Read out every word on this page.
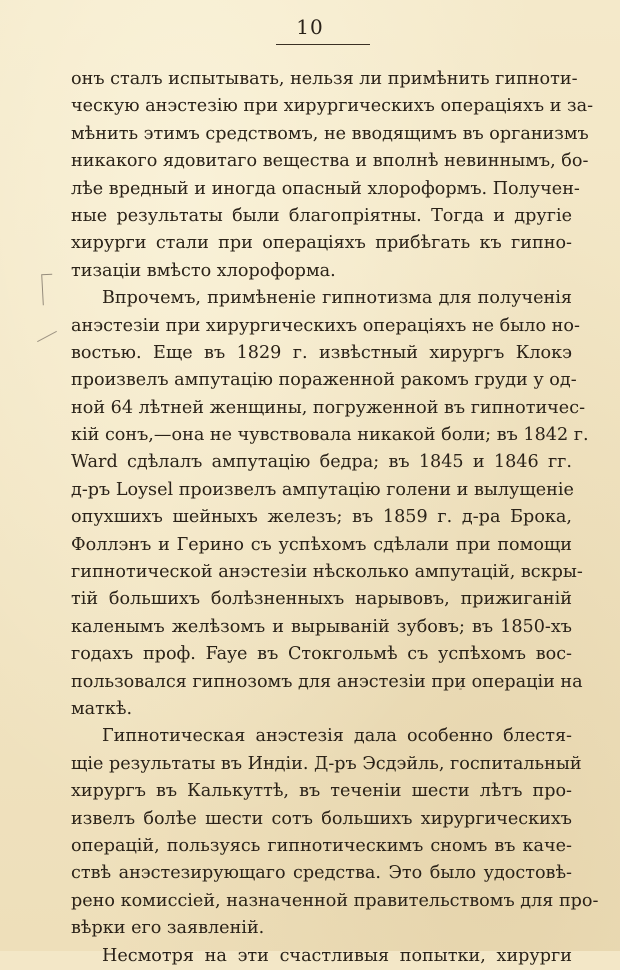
10
онъ сталъ испытывать, нельзя ли примѣнить гипноти-
ческую анэстезію при хирургическихъ операціяхъ и за-
мѣнить этимъ средствомъ, не вводящимъ въ организмъ
никакого ядовитаго вещества и вполнѣ невиннымъ, бо-
лѣе вредный и иногда опасный хлороформъ. Получен-
ные результаты были благопріятны. Тогда и другіе
хирурги стали при операціяхъ прибѣгать къ гипно-
тизаціи вмѣсто хлороформа.
Впрочемъ, примѣненіе гипнотизма для полученія
анэстезіи при хирургическихъ операціяхъ не было но-
востью. Еще въ 1829 г. извѣстный хирургъ Клокэ
произвелъ ампутацію пораженной ракомъ груди у од-
ной 64 лѣтней женщины, погруженной въ гипнотичес-
кій сонъ,—она не чувствовала никакой боли; въ 1842 г.
Ward сдѣлалъ ампутацію бедра; въ 1845 и 1846 гг.
д-ръ Loysel произвелъ ампутацію голени и вылущеніе
опухшихъ шейныхъ железъ; въ 1859 г. д-ра Брока,
Фоллэнъ и Герино съ успѣхомъ сдѣлали при помощи
гипнотической анэстезіи нѣсколько ампутацій, вскры-
тій большихъ болѣзненныхъ нарывовъ, прижиганій
каленымъ желѣзомъ и вырываній зубовъ; въ 1850-хъ
годахъ проф. Faye въ Стокгольмѣ съ успѣхомъ вос-
пользовался гипнозомъ для анэстезіи при операціи на
маткѣ.
Гипнотическая анэстезія дала особенно блестя-
щіе результаты въ Индіи. Д-ръ Эсдэйль, госпитальный
хирургъ въ Калькуттѣ, въ теченіи шести лѣтъ про-
извелъ болѣе шести сотъ большихъ хирургическихъ
операцій, пользуясь гипнотическимъ сномъ въ каче-
ствѣ анэстезирующаго средства. Это было удостовѣ-
рено комиссіей, назначенной правительствомъ для про-
вѣрки его заявленій.
Несмотря на эти счастливыя попытки, хирурги
